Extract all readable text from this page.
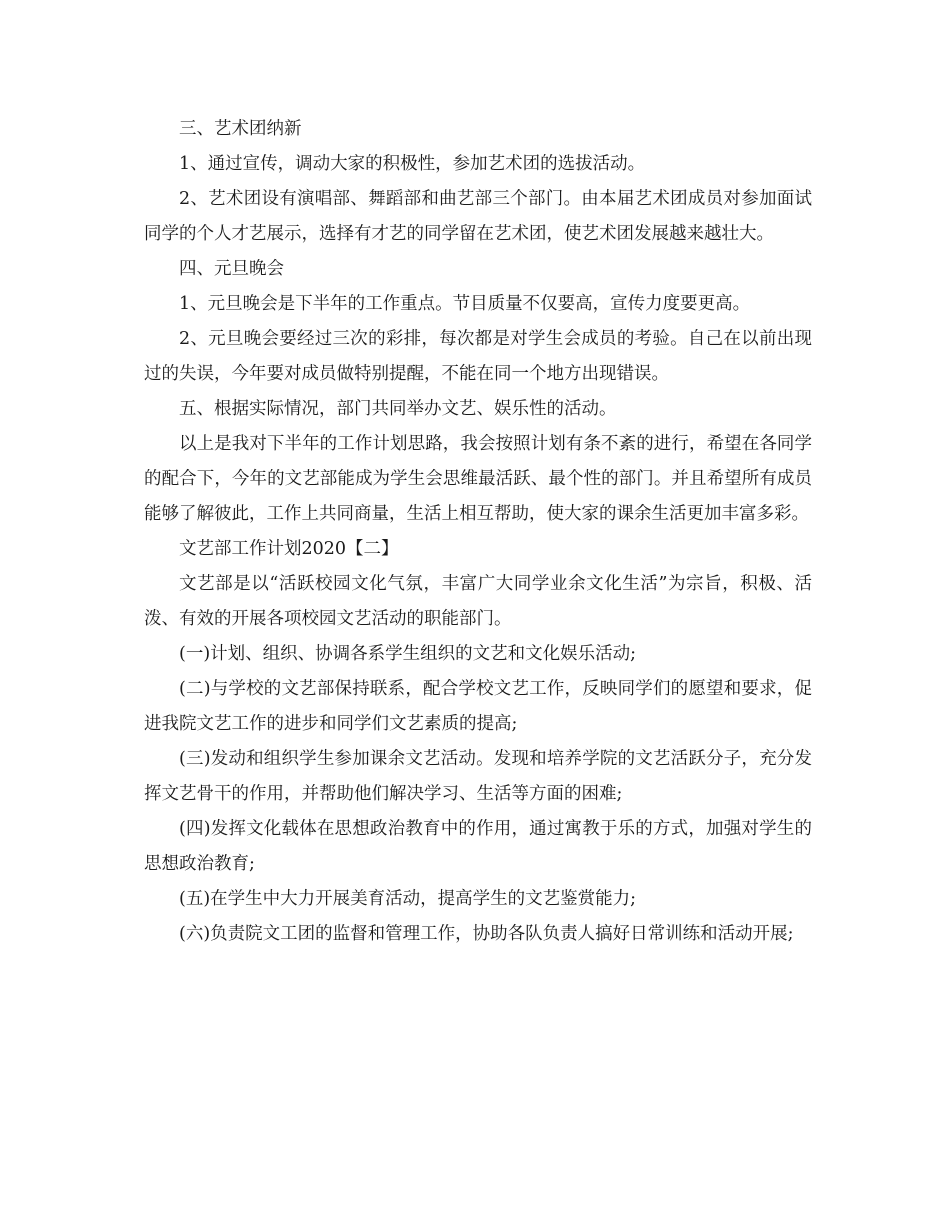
三、艺术团纳新

1、通过宣传，调动大家的积极性，参加艺术团的选拔活动。

2、艺术团设有演唱部、舞蹈部和曲艺部三个部门。由本届艺术团成员对参加面试同学的个人才艺展示，选择有才艺的同学留在艺术团，使艺术团发展越来越壮大。

四、元旦晚会

1、元旦晚会是下半年的工作重点。节目质量不仅要高，宣传力度要更高。

2、元旦晚会要经过三次的彩排，每次都是对学生会成员的考验。自己在以前出现过的失误，今年要对成员做特别提醒，不能在同一个地方出现错误。

五、根据实际情况，部门共同举办文艺、娱乐性的活动。

以上是我对下半年的工作计划思路，我会按照计划有条不紊的进行，希望在各同学的配合下，今年的文艺部能成为学生会思维最活跃、最个性的部门。并且希望所有成员能够了解彼此，工作上共同商量，生活上相互帮助，使大家的课余生活更加丰富多彩。

文艺部工作计划2020【二】

文艺部是以“活跃校园文化气氛，丰富广大同学业余文化生活”为宗旨，积极、活泼、有效的开展各项校园文艺活动的职能部门。

(一)计划、组织、协调各系学生组织的文艺和文化娱乐活动;

(二)与学校的文艺部保持联系，配合学校文艺工作，反映同学们的愿望和要求，促进我院文艺工作的进步和同学们文艺素质的提高;

(三)发动和组织学生参加课余文艺活动。发现和培养学院的文艺活跃分子，充分发挥文艺骨干的作用，并帮助他们解决学习、生活等方面的困难;

(四)发挥文化载体在思想政治教育中的作用，通过寓教于乐的方式，加强对学生的思想政治教育;

(五)在学生中大力开展美育活动，提高学生的文艺鉴赏能力;

(六)负责院文工团的监督和管理工作，协助各队负责人搞好日常训练和活动开展;
